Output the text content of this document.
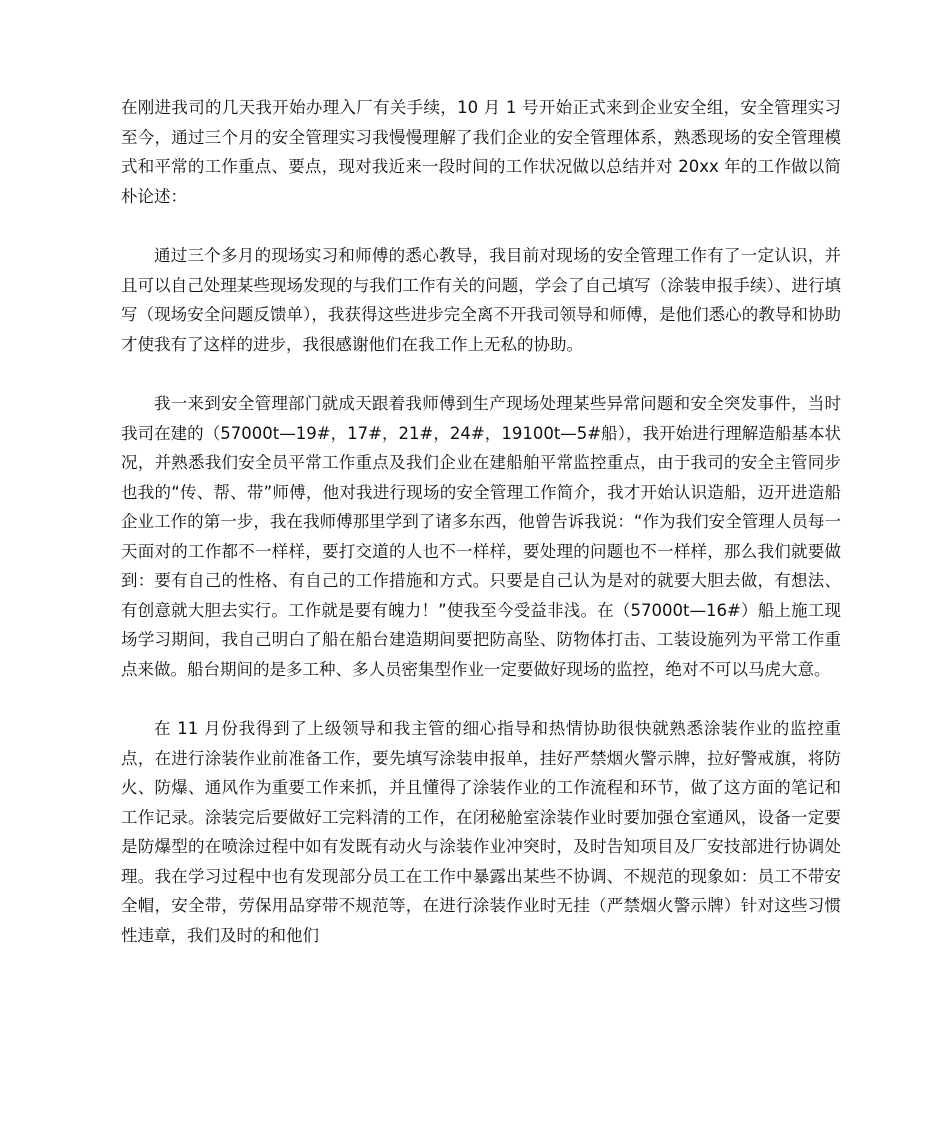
在刚进我司的几天我开始办理入厂有关手续，10 月 1 号开始正式来到企业安全组，安全管理实习至今，通过三个月的安全管理实习我慢慢理解了我们企业的安全管理体系，熟悉现场的安全管理模式和平常的工作重点、要点，现对我近来一段时间的工作状况做以总结并对 20xx 年的工作做以简朴论述：

通过三个多月的现场实习和师傅的悉心教导，我目前对现场的安全管理工作有了一定认识，并且可以自己处理某些现场发现的与我们工作有关的问题，学会了自己填写（涂装申报手续）、进行填写（现场安全问题反馈单），我获得这些进步完全离不开我司领导和师傅，是他们悉心的教导和协助才使我有了这样的进步，我很感谢他们在我工作上无私的协助。

我一来到安全管理部门就成天跟着我师傅到生产现场处理某些异常问题和安全突发事件，当时我司在建的（57000t—19#，17#，21#，24#，19100t—5#船），我开始进行理解造船基本状况，并熟悉我们安全员平常工作重点及我们企业在建船舶平常监控重点，由于我司的安全主管同步也我的“传、帮、带”师傅，他对我进行现场的安全管理工作简介，我才开始认识造船，迈开进造船企业工作的第一步，我在我师傅那里学到了诸多东西，他曾告诉我说：“作为我们安全管理人员每一天面对的工作都不一样样，要打交道的人也不一样样，要处理的问题也不一样样，那么我们就要做到：要有自己的性格、有自己的工作措施和方式。只要是自己认为是对的就要大胆去做，有想法、有创意就大胆去实行。工作就是要有魄力！”使我至今受益非浅。在（57000t—16#）船上施工现场学习期间，我自己明白了船在船台建造期间要把防高坠、防物体打击、工装设施列为平常工作重点来做。船台期间的是多工种、多人员密集型作业一定要做好现场的监控，绝对不可以马虎大意。

在 11 月份我得到了上级领导和我主管的细心指导和热情协助很快就熟悉涂装作业的监控重点，在进行涂装作业前准备工作，要先填写涂装申报单，挂好严禁烟火警示牌，拉好警戒旗，将防火、防爆、通风作为重要工作来抓，并且懂得了涂装作业的工作流程和环节，做了这方面的笔记和工作记录。涂装完后要做好工完料清的工作，在闭秘舱室涂装作业时要加强仓室通风，设备一定要是防爆型的在喷涂过程中如有发既有动火与涂装作业冲突时，及时告知项目及厂安技部进行协调处理。我在学习过程中也有发现部分员工在工作中暴露出某些不协调、不规范的现象如：员工不带安全帽，安全带，劳保用品穿带不规范等，在进行涂装作业时无挂（严禁烟火警示牌）针对这些习惯性违章，我们及时的和他们
